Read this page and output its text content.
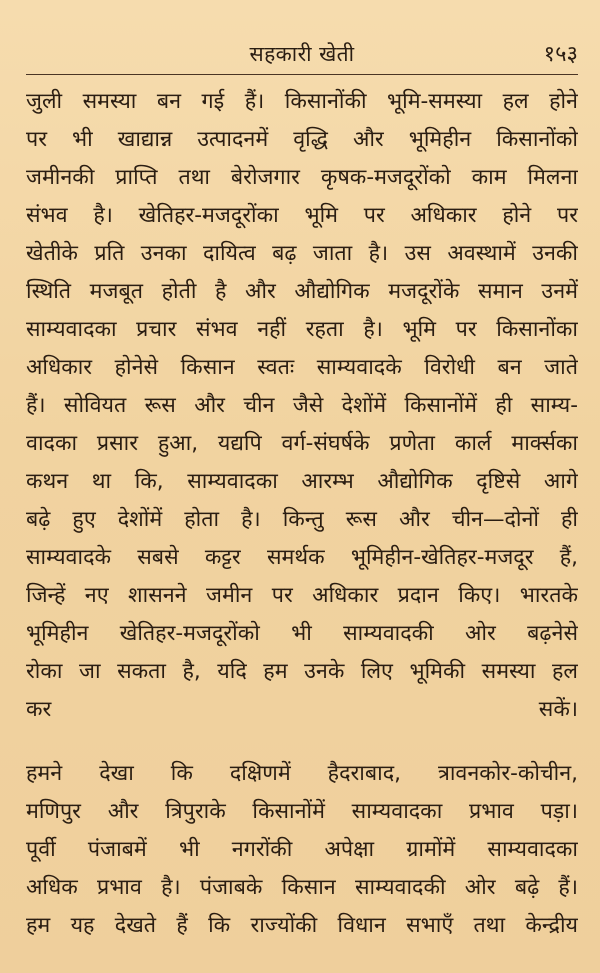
सहकारी खेती	१५३
जुली समस्या बन गई हैं। किसानोंकी भूमि-समस्या हल होने
पर भी खाद्यान्न उत्पादनमें वृद्धि और भूमिहीन किसानोंको
जमीनकी प्राप्ति तथा बेरोजगार कृषक-मजदूरोंको काम मिलना
संभव है। खेतिहर-मजदूरोंका भूमि पर अधिकार होने पर
खेतीके प्रति उनका दायित्व बढ़ जाता है। उस अवस्थामें उनकी
स्थिति मजबूत होती है और औद्योगिक मजदूरोंके समान उनमें
साम्यवादका प्रचार संभव नहीं रहता है। भूमि पर किसानोंका
अधिकार होनेसे किसान स्वतः साम्यवादके विरोधी बन जाते
हैं। सोवियत रूस और चीन जैसे देशोंमें किसानोंमें ही साम्य-
वादका प्रसार हुआ, यद्यपि वर्ग-संघर्षके प्रणेता कार्ल मार्क्सका
कथन था कि, साम्यवादका आरम्भ औद्योगिक दृष्टिसे आगे
बढ़े हुए देशोंमें होता है। किन्तु रूस और चीन—दोनों ही
साम्यवादके सबसे कट्टर समर्थक भूमिहीन-खेतिहर-मजदूर हैं,
जिन्हें नए शासनने जमीन पर अधिकार प्रदान किए। भारतके
भूमिहीन खेतिहर-मजदूरोंको भी साम्यवादकी ओर बढ़नेसे
रोका जा सकता है, यदि हम उनके लिए भूमिकी समस्या हल
कर सकें।
हमने देखा कि दक्षिणमें हैदराबाद, त्रावनकोर-कोचीन,
मणिपुर और त्रिपुराके किसानोंमें साम्यवादका प्रभाव पड़ा।
पूर्वी पंजाबमें भी नगरोंकी अपेक्षा ग्रामोंमें साम्यवादका
अधिक प्रभाव है। पंजाबके किसान साम्यवादकी ओर बढ़े हैं।
हम यह देखते हैं कि राज्योंकी विधान सभाएँ तथा केन्द्रीय
